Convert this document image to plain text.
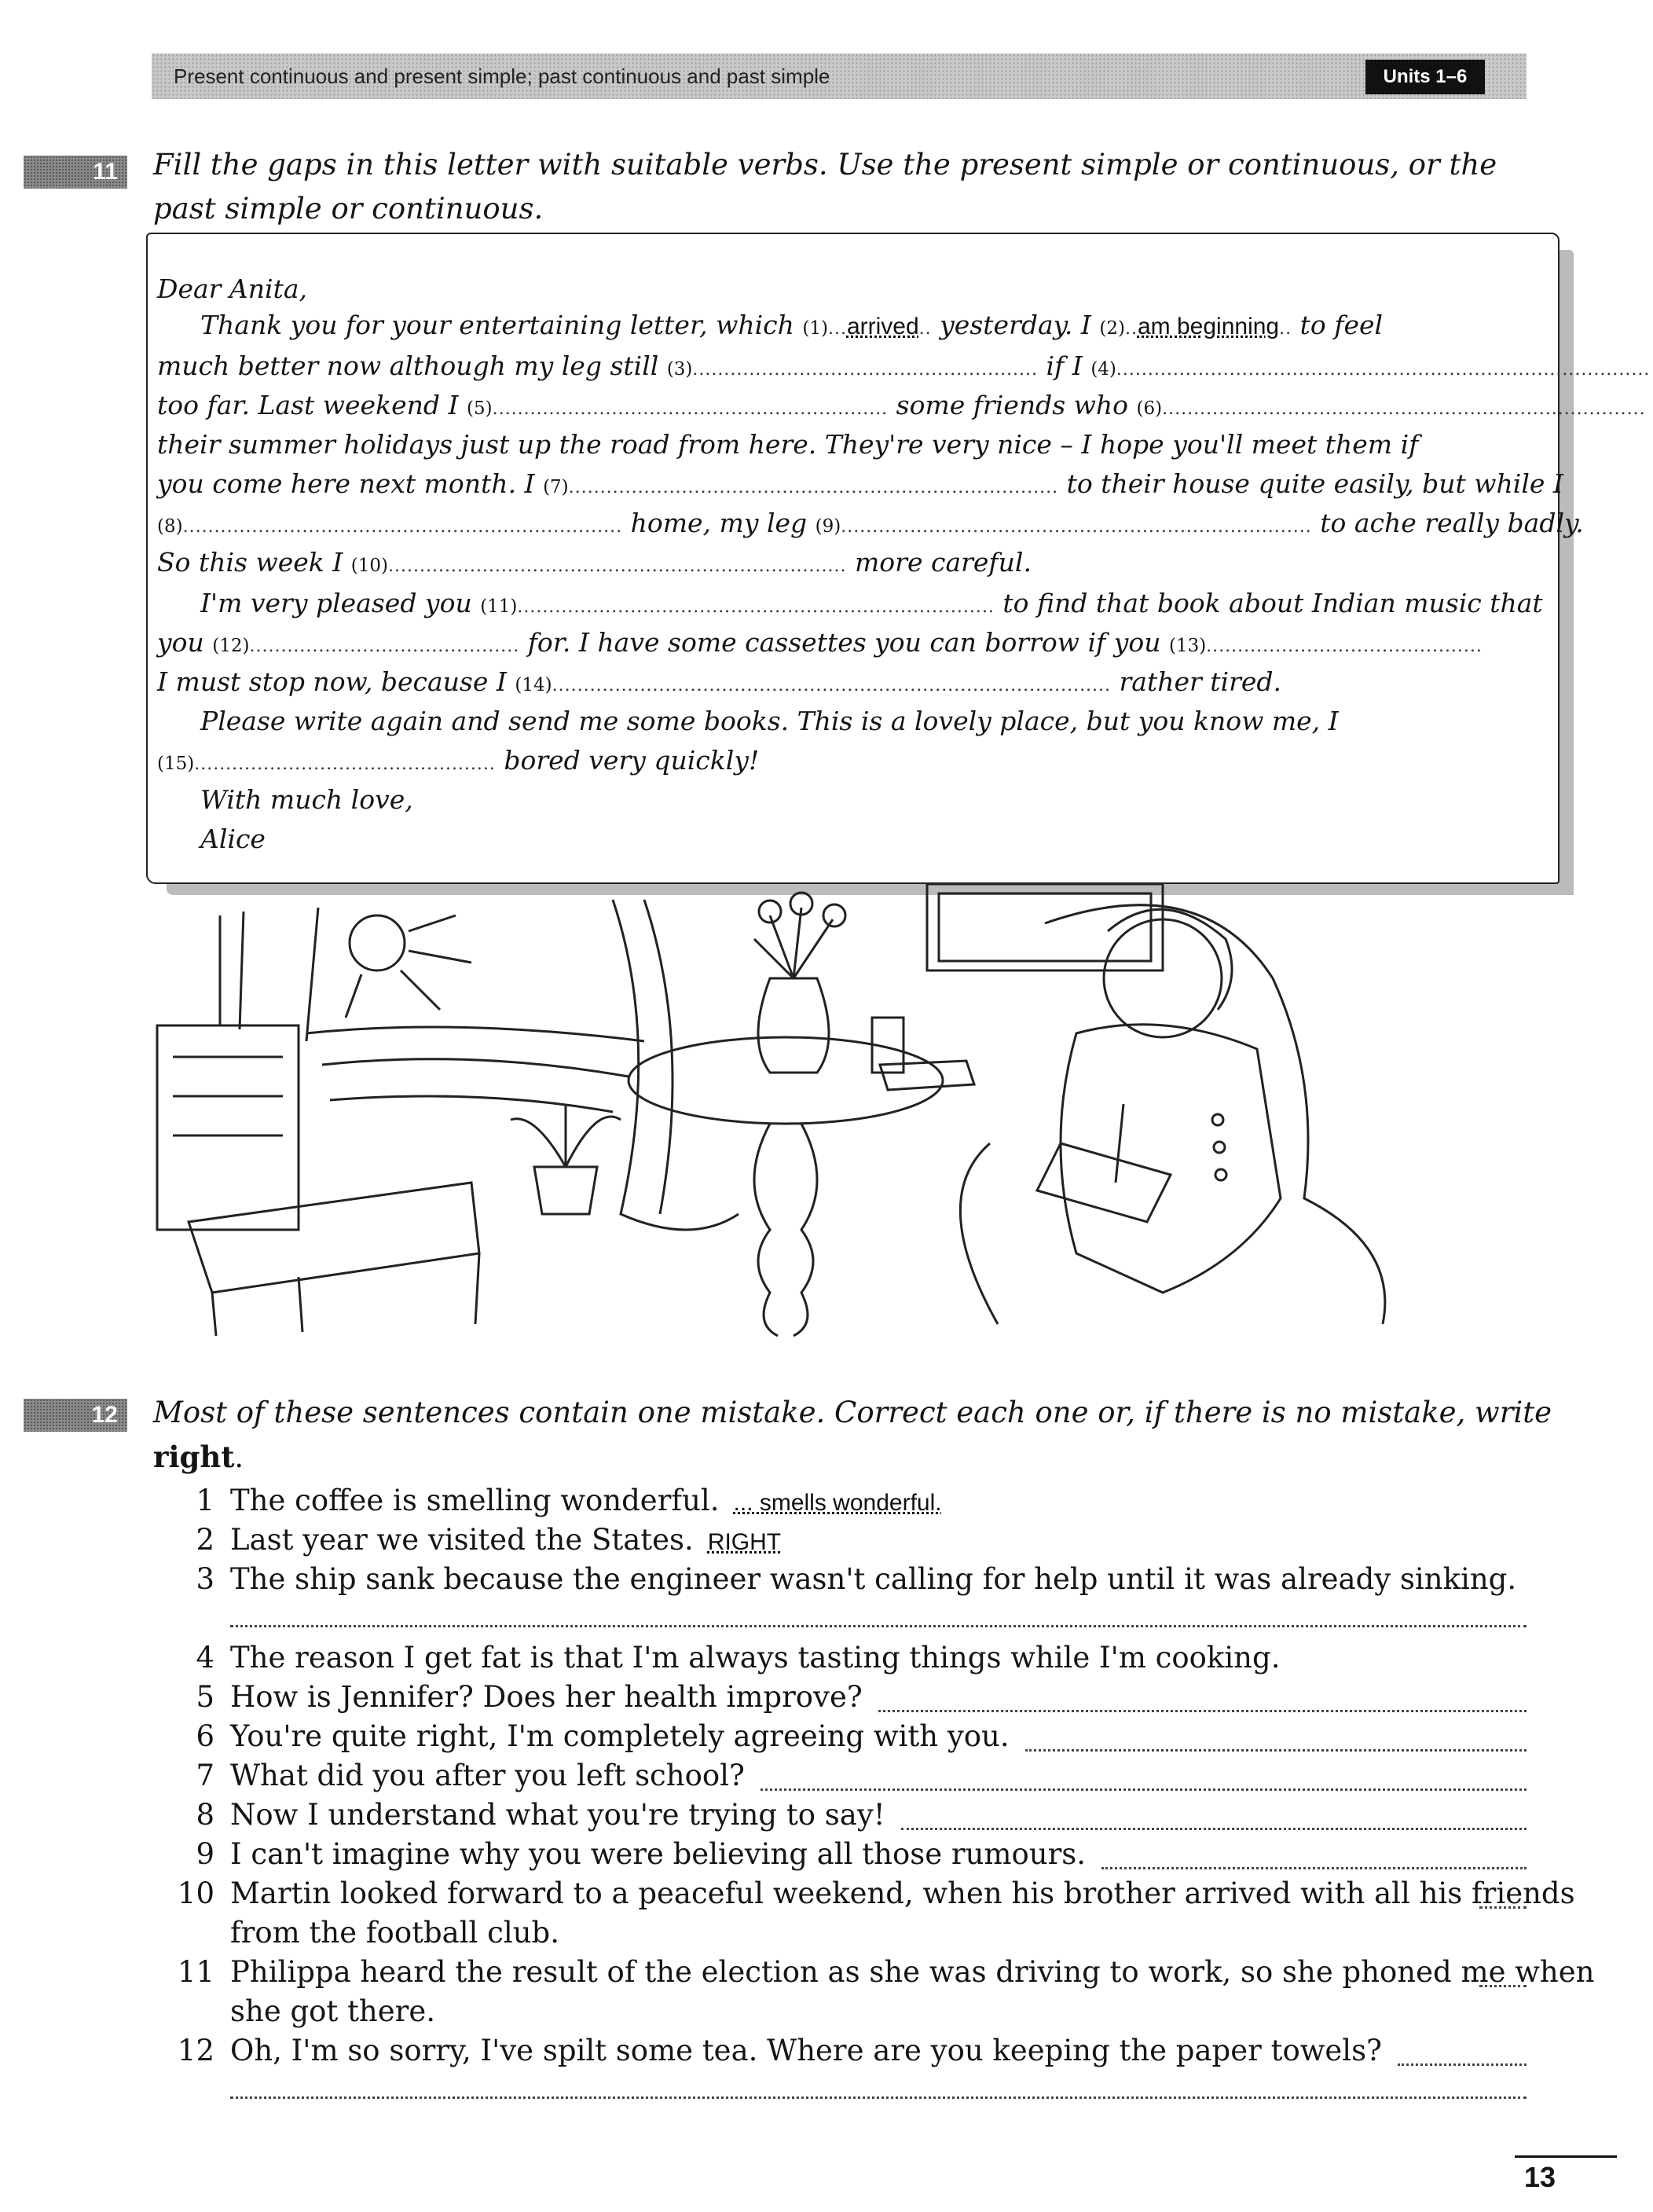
Present continuous and present simple; past continuous and past simple	Units 1–6
11	Fill the gaps in this letter with suitable verbs. Use the present simple or continuous, or the past simple or continuous.
Dear Anita,
Thank you for your entertaining letter, which (1)...arrived.. yesterday. I (2)..am beginning.. to feel
much better now although my leg still (3)....................................................... if I (4).....................................................................................
too far. Last weekend I (5)............................................................... some friends who (6).............................................................................
their summer holidays just up the road from here. They're very nice – I hope you'll meet them if
you come here next month. I (7).............................................................................. to their house quite easily, but while I
(8)...................................................................... home, my leg (9)........................................................................... to ache really badly.
So this week I (10)......................................................................... more careful.
I'm very pleased you (11)............................................................................ to find that book about Indian music that
you (12)........................................... for. I have some cassettes you can borrow if you (13)............................................
I must stop now, because I (14)......................................................................................... rather tired.
Please write again and send me some books. This is a lovely place, but you know me, I
(15)................................................ bored very quickly!
With much love,
Alice
12	Most of these sentences contain one mistake. Correct each one or, if there is no mistake, write
right.
1 The coffee is smelling wonderful. ... smells wonderful.
2 Last year we visited the States. RIGHT
3 The ship sank because the engineer wasn't calling for help until it was already sinking.
4 The reason I get fat is that I'm always tasting things while I'm cooking.
5 How is Jennifer? Does her health improve?
6 You're quite right, I'm completely agreeing with you.
7 What did you after you left school?
8 Now I understand what you're trying to say!
9 I can't imagine why you were believing all those rumours.
10 Martin looked forward to a peaceful weekend, when his brother arrived with all his friends
from the football club.
11 Philippa heard the result of the election as she was driving to work, so she phoned me when
she got there.
12 Oh, I'm so sorry, I've spilt some tea. Where are you keeping the paper towels?
13
